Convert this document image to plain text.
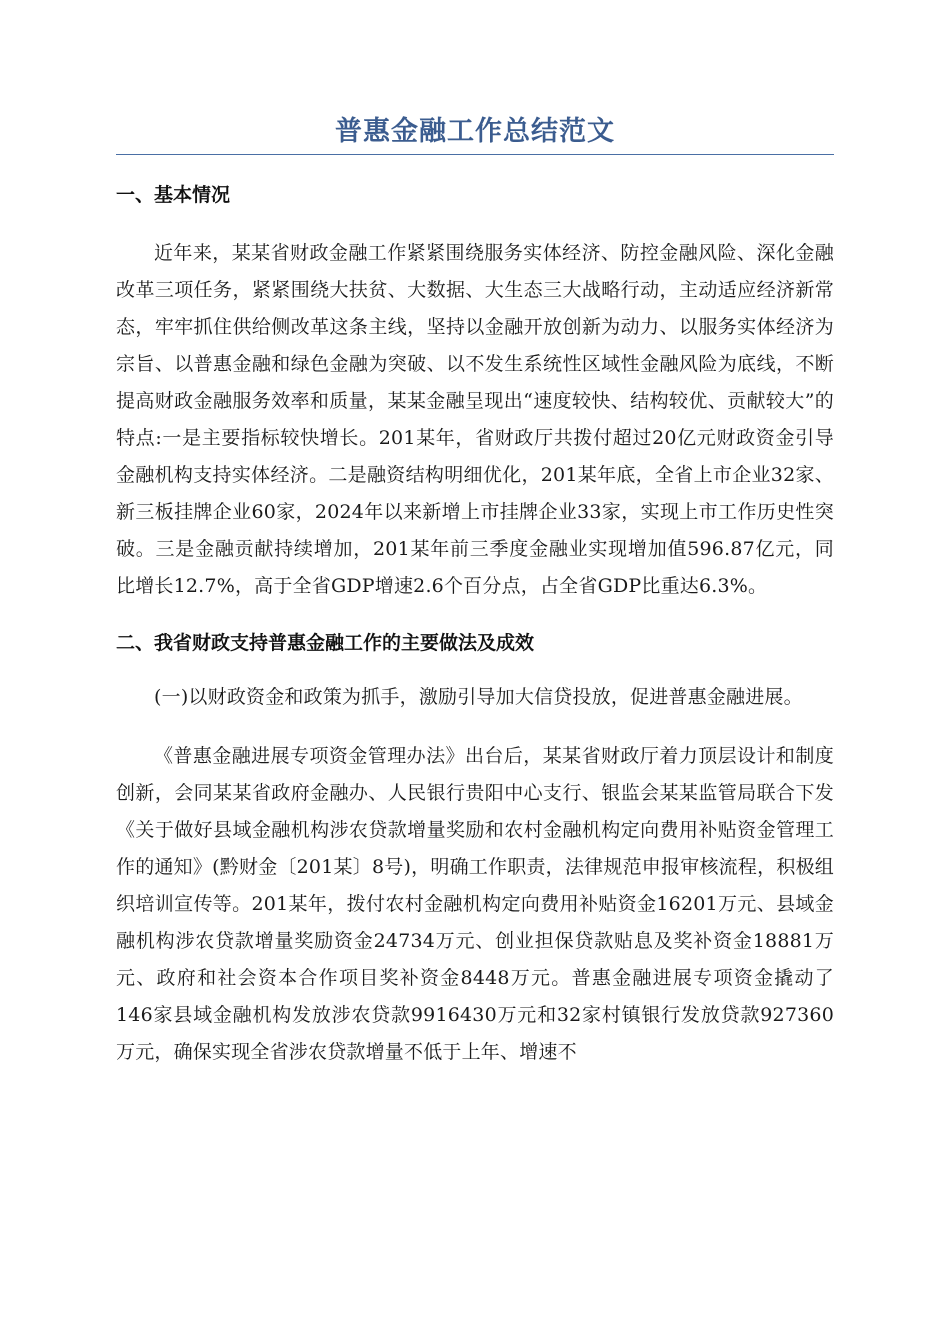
普惠金融工作总结范文
一、基本情况

近年来，某某省财政金融工作紧紧围绕服务实体经济、防控金融风险、深化金融改革三项任务，紧紧围绕大扶贫、大数据、大生态三大战略行动，主动适应经济新常态，牢牢抓住供给侧改革这条主线，坚持以金融开放创新为动力、以服务实体经济为宗旨、以普惠金融和绿色金融为突破、以不发生系统性区域性金融风险为底线，不断提高财政金融服务效率和质量，某某金融呈现出“速度较快、结构较优、贡献较大”的特点:一是主要指标较快增长。201某年，省财政厅共拨付超过20亿元财政资金引导金融机构支持实体经济。二是融资结构明细优化，201某年底，全省上市企业32家、新三板挂牌企业60家，2024年以来新增上市挂牌企业33家，实现上市工作历史性突破。三是金融贡献持续增加，201某年前三季度金融业实现增加值596.87亿元，同比增长12.7%，高于全省GDP增速2.6个百分点，占全省GDP比重达6.3%。

二、我省财政支持普惠金融工作的主要做法及成效

(一)以财政资金和政策为抓手，激励引导加大信贷投放，促进普惠金融进展。

《普惠金融进展专项资金管理办法》出台后，某某省财政厅着力顶层设计和制度创新，会同某某省政府金融办、人民银行贵阳中心支行、银监会某某监管局联合下发《关于做好县域金融机构涉农贷款增量奖励和农村金融机构定向费用补贴资金管理工作的通知》(黔财金〔201某〕8号)，明确工作职责，法律规范申报审核流程，积极组织培训宣传等。201某年，拨付农村金融机构定向费用补贴资金16201万元、县域金融机构涉农贷款增量奖励资金24734万元、创业担保贷款贴息及奖补资金18881万元、政府和社会资本合作项目奖补资金8448万元。普惠金融进展专项资金撬动了146家县域金融机构发放涉农贷款9916430万元和32家村镇银行发放贷款927360万元，确保实现全省涉农贷款增量不低于上年、增速不
